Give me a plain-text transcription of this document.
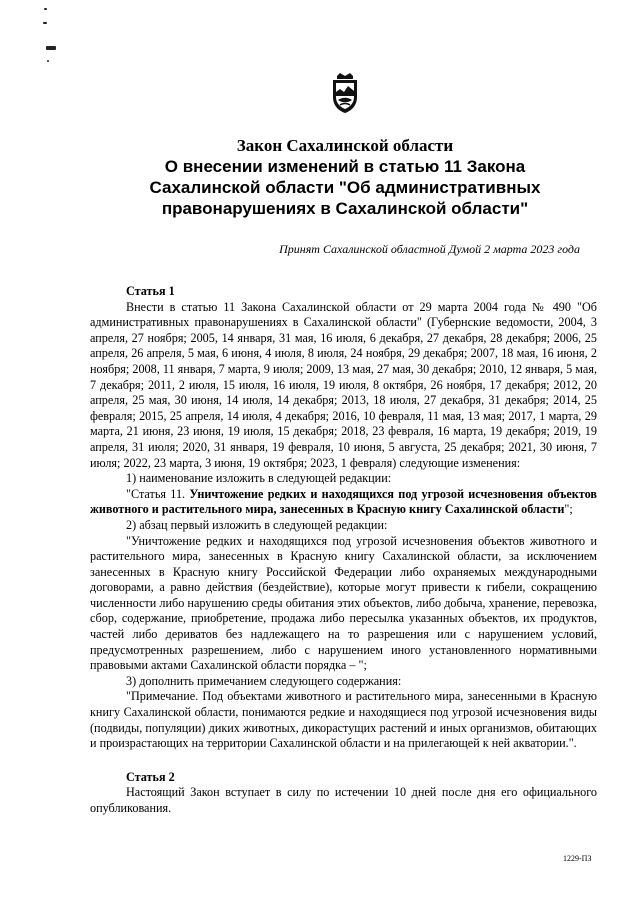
Закон Сахалинской области
О внесении изменений в статью 11 Закона
Сахалинской области "Об административных
правонарушениях в Сахалинской области"
Принят Сахалинской областной Думой 2 марта 2023 года

Статья 1

Внести в статью 11 Закона Сахалинской области от 29 марта 2004 года № 490 "Об административных правонарушениях в Сахалинской области" (Губернские ведомости, 2004, 3 апреля, 27 ноября; 2005, 14 января, 31 мая, 16 июля, 6 декабря, 27 декабря, 28 декабря; 2006, 25 апреля, 26 апреля, 5 мая, 6 июня, 4 июля, 8 июля, 24 ноября, 29 декабря; 2007, 18 мая, 16 июня, 2 ноября; 2008, 11 января, 7 марта, 9 июля; 2009, 13 мая, 27 мая, 30 декабря; 2010, 12 января, 5 мая, 7 декабря; 2011, 2 июля, 15 июля, 16 июля, 19 июля, 8 октября, 26 ноября, 17 декабря; 2012, 20 апреля, 25 мая, 30 июня, 14 июля, 14 декабря; 2013, 18 июля, 27 декабря, 31 декабря; 2014, 25 февраля; 2015, 25 апреля, 14 июля, 4 декабря; 2016, 10 февраля, 11 мая, 13 мая; 2017, 1 марта, 29 марта, 21 июня, 23 июня, 19 июля, 15 декабря; 2018, 23 февраля, 16 марта, 19 декабря; 2019, 19 апреля, 31 июля; 2020, 31 января, 19 февраля, 10 июня, 5 августа, 25 декабря; 2021, 30 июня, 7 июля; 2022, 23 марта, 3 июня, 19 октября; 2023, 1 февраля) следующие изменения:

1) наименование изложить в следующей редакции:

"Статья 11. Уничтожение редких и находящихся под угрозой исчезновения объектов животного и растительного мира, занесенных в Красную книгу Сахалинской области";

2) абзац первый изложить в следующей редакции:

"Уничтожение редких и находящихся под угрозой исчезновения объектов животного и растительного мира, занесенных в Красную книгу Сахалинской области, за исключением занесенных в Красную книгу Российской Федерации либо охраняемых международными договорами, а равно действия (бездействие), которые могут привести к гибели, сокращению численности либо нарушению среды обитания этих объектов, либо добыча, хранение, перевозка, сбор, содержание, приобретение, продажа либо пересылка указанных объектов, их продуктов, частей либо дериватов без надлежащего на то разрешения или с нарушением условий, предусмотренных разрешением, либо с нарушением иного установленного нормативными правовыми актами Сахалинской области порядка – ";

3) дополнить примечанием следующего содержания:

"Примечание. Под объектами животного и растительного мира, занесенными в Красную книгу Сахалинской области, понимаются редкие и находящиеся под угрозой исчезновения виды (подвиды, популяции) диких животных, дикорастущих растений и иных организмов, обитающих и произрастающих на территории Сахалинской области и на прилегающей к ней акватории.".

Статья 2

Настоящий Закон вступает в силу по истечении 10 дней после дня его официального опубликования.

1229-ПЗ
